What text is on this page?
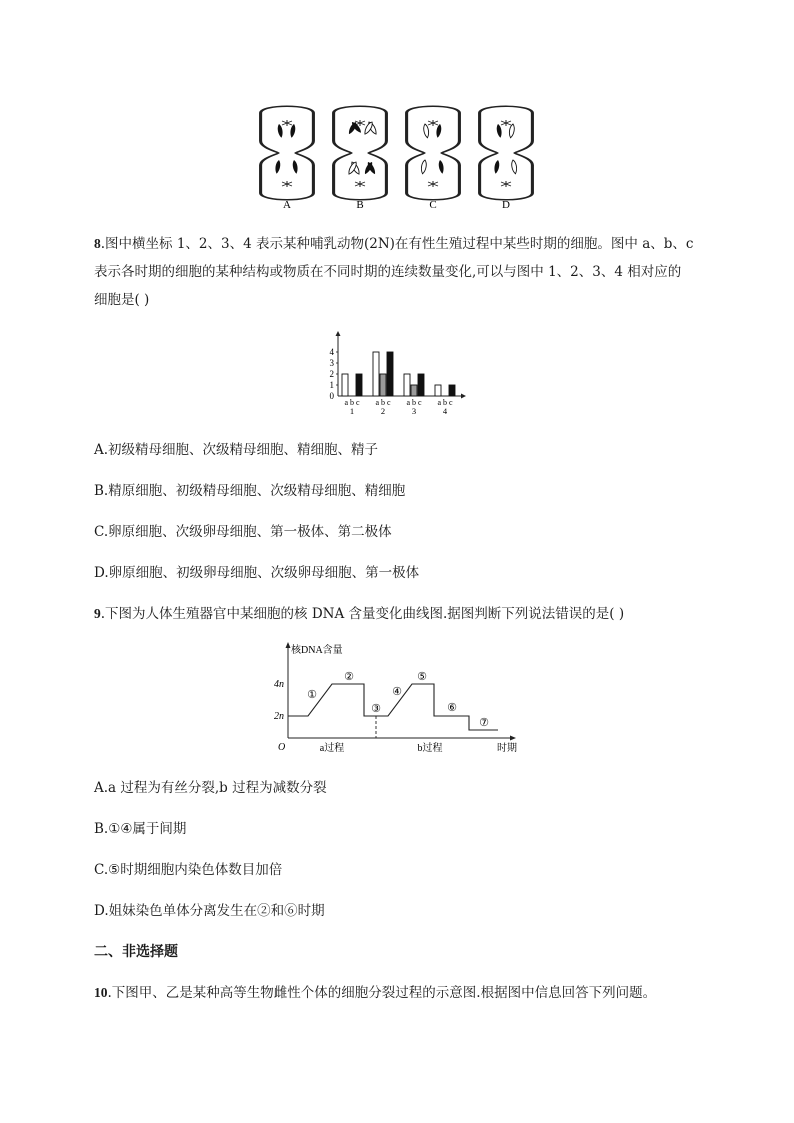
A	B	C	D
8.图中横坐标 1、2、3、4 表示某种哺乳动物(2N)在有性生殖过程中某些时期的细胞。图中 a、b、c
表示各时期的细胞的某种结构或物质在不同时期的连续数量变化,可以与图中 1、2、3、4 相对应的
细胞是( )
4
3
2
1
0
a b c
1
a b c
2
a b c
3
a b c
4
A.初级精母细胞、次级精母细胞、精细胞、精子
B.精原细胞、初级精母细胞、次级精母细胞、精细胞
C.卵原细胞、次级卵母细胞、第一极体、第二极体
D.卵原细胞、初级卵母细胞、次级卵母细胞、第一极体
9.下图为人体生殖器官中某细胞的核 DNA 含量变化曲线图.据图判断下列说法错误的是( )
核DNA含量
4n
2n
O
①
②
③
④
⑤
⑥
⑦
a过程	b过程	时期
A.a 过程为有丝分裂,b 过程为减数分裂
B.①④属于间期
C.⑤时期细胞内染色体数目加倍
D.姐妹染色单体分离发生在②和⑥时期
二、非选择题
10.下图甲、乙是某种高等生物雌性个体的细胞分裂过程的示意图.根据图中信息回答下列问题。
